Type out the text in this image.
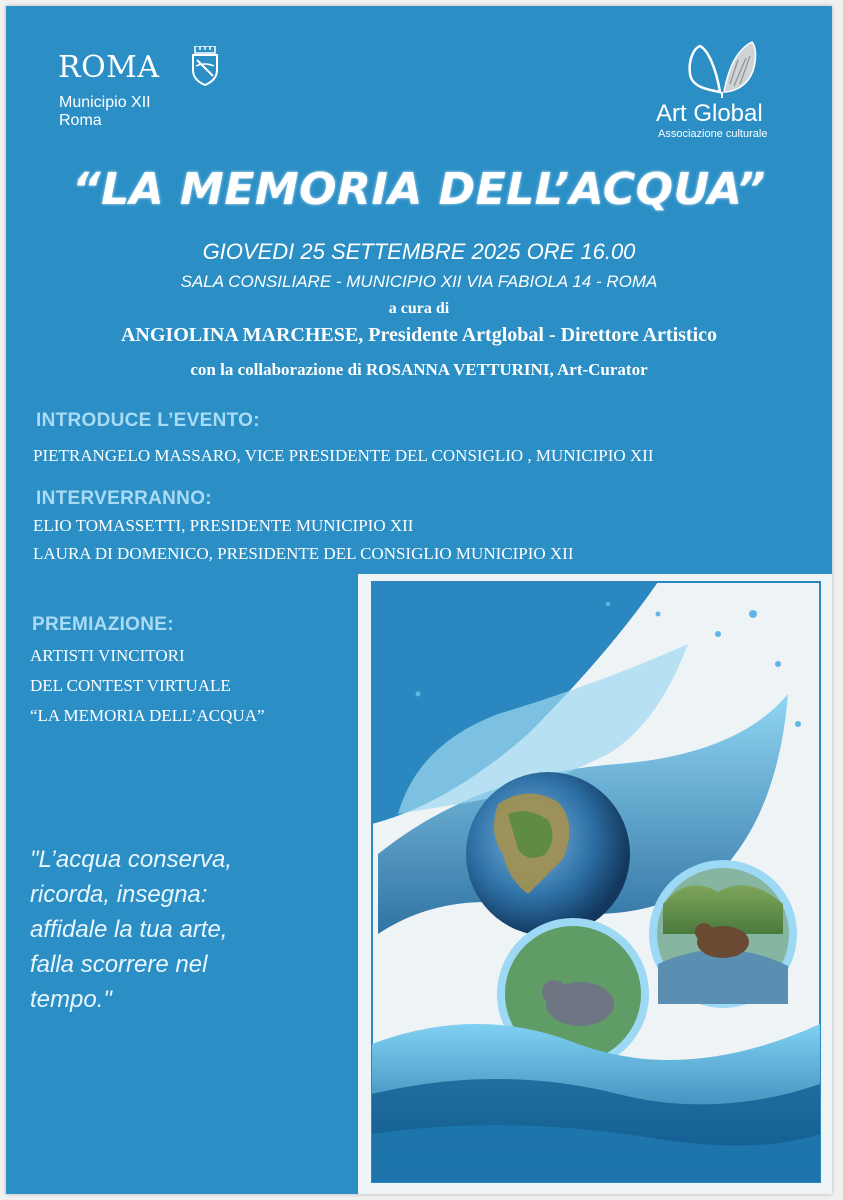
ROMA
Municipio XII
Roma	Art Global
Associazione culturale
“LA MEMORIA DELL’ACQUA”
GIOVEDI 25 SETTEMBRE 2025 ORE 16.00
SALA CONSILIARE - MUNICIPIO XII VIA FABIOLA 14 - ROMA
a cura di
ANGIOLINA MARCHESE, Presidente Artglobal - Direttore Artistico
con la collaborazione di ROSANNA VETTURINI, Art-Curator
INTRODUCE L’EVENTO:
PIETRANGELO MASSARO, VICE PRESIDENTE DEL CONSIGLIO , MUNICIPIO XII
INTERVERRANNO:
ELIO TOMASSETTI, PRESIDENTE MUNICIPIO XII
LAURA DI DOMENICO, PRESIDENTE DEL CONSIGLIO MUNICIPIO XII
PREMIAZIONE:
ARTISTI VINCITORI
DEL CONTEST VIRTUALE
“LA MEMORIA DELL’ACQUA”
"L’acqua conserva,
ricorda, insegna:
affidale la tua arte,
falla scorrere nel
tempo."
